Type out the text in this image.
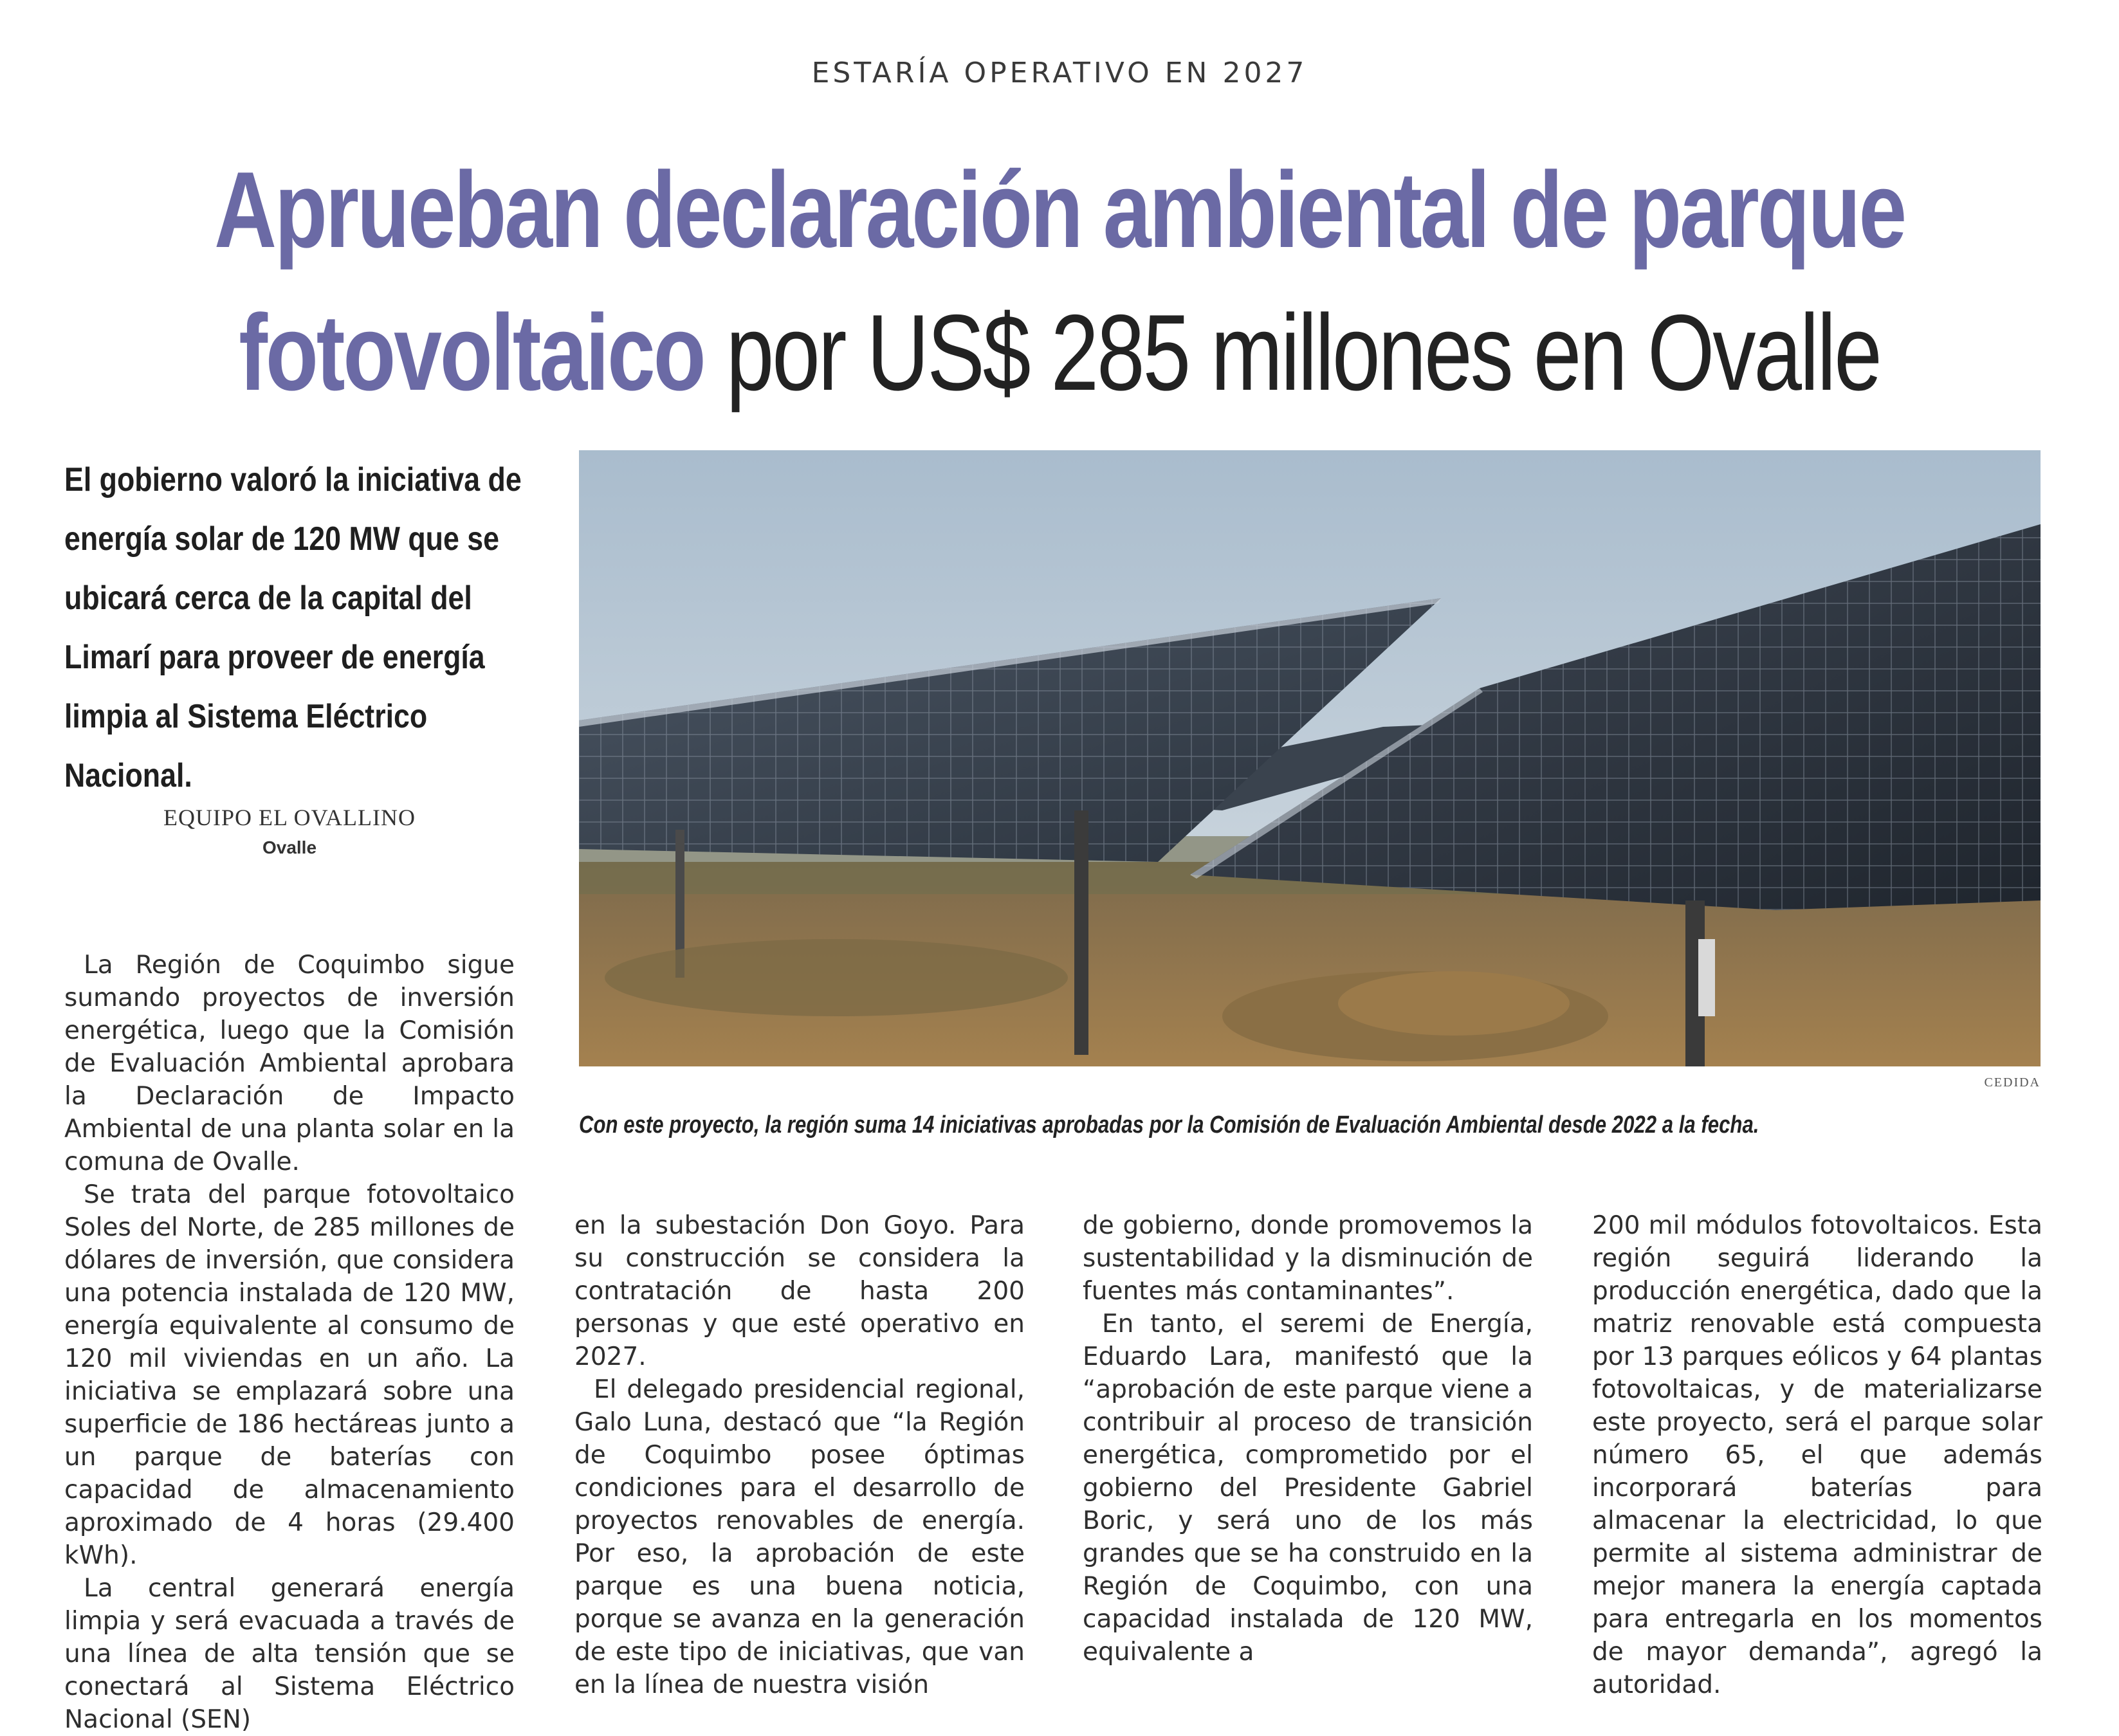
ESTARÍA OPERATIVO EN 2027
Aprueban declaración ambiental de parque fotovoltaico por US$ 285 millones en Ovalle
El gobierno valoró la iniciativa de energía solar de 120 MW que se ubicará cerca de la capital del Limarí para proveer de energía limpia al Sistema Eléctrico Nacional.
EQUIPO EL OVALLINO
Ovalle
CEDIDA
Con este proyecto, la región suma 14 iniciativas aprobadas por la Comisión de Evaluación Ambiental desde 2022 a la fecha.

La Región de Coquimbo sigue sumando proyectos de inversión energética, luego que la Comisión de Evaluación Ambiental aprobara la Declaración de Impacto Ambiental de una planta solar en la comuna de Ovalle.

Se trata del parque fotovoltaico Soles del Norte, de 285 millones de dólares de inversión, que considera una potencia instalada de 120 MW, energía equivalente al consumo de 120 mil viviendas en un año. La iniciativa se emplazará sobre una superficie de 186 hectáreas junto a un parque de baterías con capacidad de almacenamiento aproximado de 4 horas (29.400 kWh).

La central generará energía limpia y será evacuada a través de una línea de alta tensión que se conectará al Sistema Eléctrico Nacional (SEN)

en la subestación Don Goyo. Para su construcción se considera la contratación de hasta 200 personas y que esté operativo en 2027.

El delegado presidencial regional, Galo Luna, destacó que “la Región de Coquimbo posee óptimas condiciones para el desarrollo de proyectos renovables de energía. Por eso, la aprobación de este parque es una buena noticia, porque se avanza en la generación de este tipo de iniciativas, que van en la línea de nuestra visión

de gobierno, donde promovemos la sustentabilidad y la disminución de fuentes más contaminantes”.

En tanto, el seremi de Energía, Eduardo Lara, manifestó que la “aprobación de este parque viene a contribuir al proceso de transición energética, comprometido por el gobierno del Presidente Gabriel Boric, y será uno de los más grandes que se ha construido en la Región de Coquimbo, con una capacidad instalada de 120 MW, equivalente a

200 mil módulos fotovoltaicos. Esta región seguirá liderando la producción energética, dado que la matriz renovable está compuesta por 13 parques eólicos y 64 plantas fotovoltaicas, y de materializarse este proyecto, será el parque solar número 65, el que además incorporará baterías para almacenar la electricidad, lo que permite al sistema administrar de mejor manera la energía captada para entregarla en los momentos de mayor demanda”, agregó la autoridad.
